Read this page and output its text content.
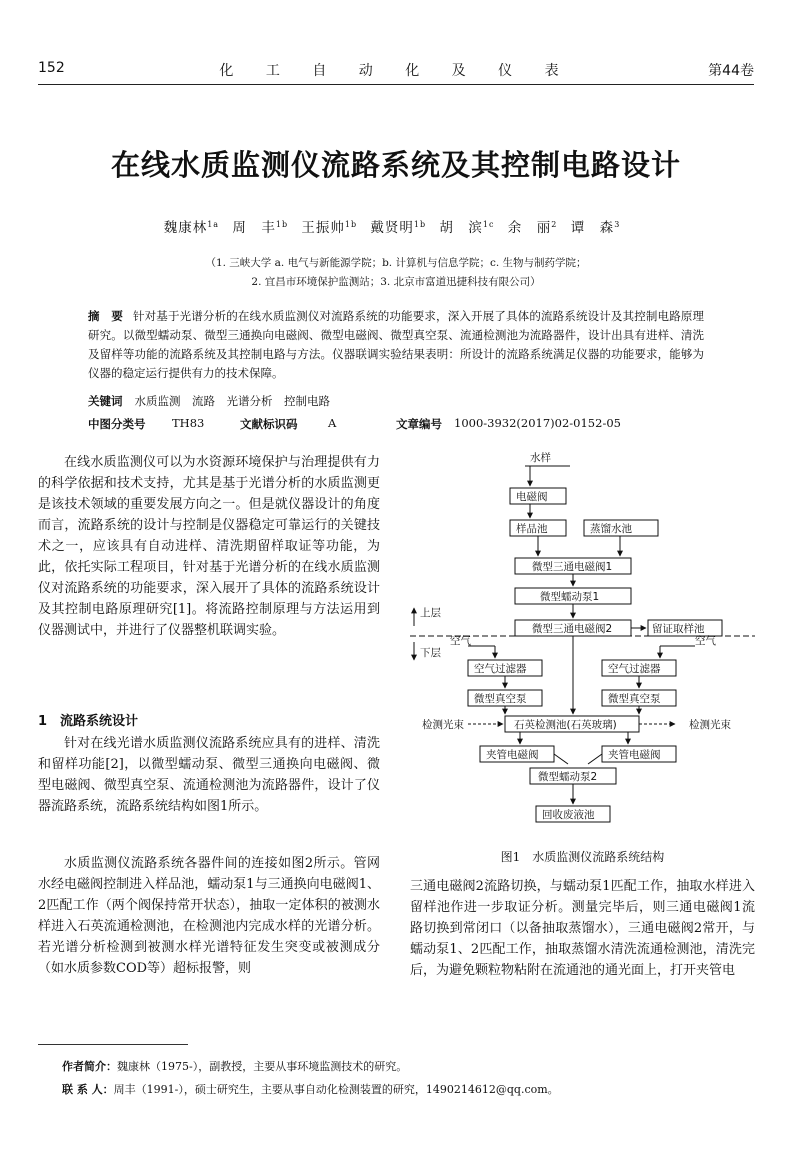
152	化 工 自 动 化 及 仪 表	第44卷
在线水质监测仪流路系统及其控制电路设计
魏康林$^{1a}$ 周　丰$^{1b}$ 王振帅$^{1b}$ 戴贤明$^{1b}$ 胡　滨$^{1c}$ 余　丽$^2$ 谭　森$^3$
（1. 三峡大学 a. 电气与新能源学院；b. 计算机与信息学院；c. 生物与制药学院；
2. 宜昌市环境保护监测站；3. 北京市富道迅捷科技有限公司）
摘　要 针对基于光谱分析的在线水质监测仪对流路系统的功能要求，深入开展了具体的流路系统设计及其控制电路原理研究。以微型蠕动泵、微型三通换向电磁阀、微型电磁阀、微型真空泵、流通检测池为流路器件，设计出具有进样、清洗及留样等功能的流路系统及其控制电路与方法。仪器联调实验结果表明：所设计的流路系统满足仪器的功能要求，能够为仪器的稳定运行提供有力的技术保障。
关键词 水质监测　流路　光谱分析　控制电路
中图分类号 TH83	文献标识码	A	文章编号 1000-3932(2017)02-0152-05

在线水质监测仪可以为水资源环境保护与治理提供有力的科学依据和技术支持，尤其是基于光谱分析的水质监测更是该技术领域的重要发展方向之一。但是就仪器设计的角度而言，流路系统的设计与控制是仪器稳定可靠运行的关键技术之一，应该具有自动进样、清洗期留样取证等功能，为此，依托实际工程项目，针对基于光谱分析的在线水质监测仪对流路系统的功能要求，深入展开了具体的流路系统设计及其控制电路原理研究[1]。将流路控制原理与方法运用到仪器测试中，并进行了仪器整机联调实验。

1　流路系统设计

针对在线光谱水质监测仪流路系统应具有的进样、清洗和留样功能[2]，以微型蠕动泵、微型三通换向电磁阀、微型电磁阀、微型真空泵、流通检测池为流路器件，设计了仪器流路系统，流路系统结构如图1所示。

水质监测仪流路系统各器件间的连接如图2所示。管网水经电磁阀控制进入样品池，蠕动泵1与三通换向电磁阀1、2匹配工作（两个阀保持常开状态），抽取一定体积的被测水样进入石英流通检测池，在检测池内完成水样的光谱分析。若光谱分析检测到被测水样光谱特征发生突变或被测成分（如水质参数COD等）超标报警，则

水样
电磁阀
样品池	蒸馏水池
微型三通电磁阀1
微型蠕动泵1
微型三通电磁阀2	留证取样池
上层
下层
空气	空气
空气过滤器	空气过滤器
微型真空泵	微型真空泵
检测光束	检测光束
石英检测池(石英玻璃)
夹管电磁阀	夹管电磁阀
微型蠕动泵2
回收废液池
图1　水质监测仪流路系统结构
三通电磁阀2流路切换，与蠕动泵1匹配工作，抽取水样进入留样池作进一步取证分析。测量完毕后，则三通电磁阀1流路切换到常闭口（以备抽取蒸馏水），三通电磁阀2常开，与蠕动泵1、2匹配工作，抽取蒸馏水清洗流通检测池，清洗完后，为避免颗粒物粘附在流通池的通光面上，打开夹管电
作者简介：魏康林（1975-），副教授，主要从事环境监测技术的研究。
联 系 人：周丰（1991-），硕士研究生，主要从事自动化检测装置的研究，1490214612@qq.com。
